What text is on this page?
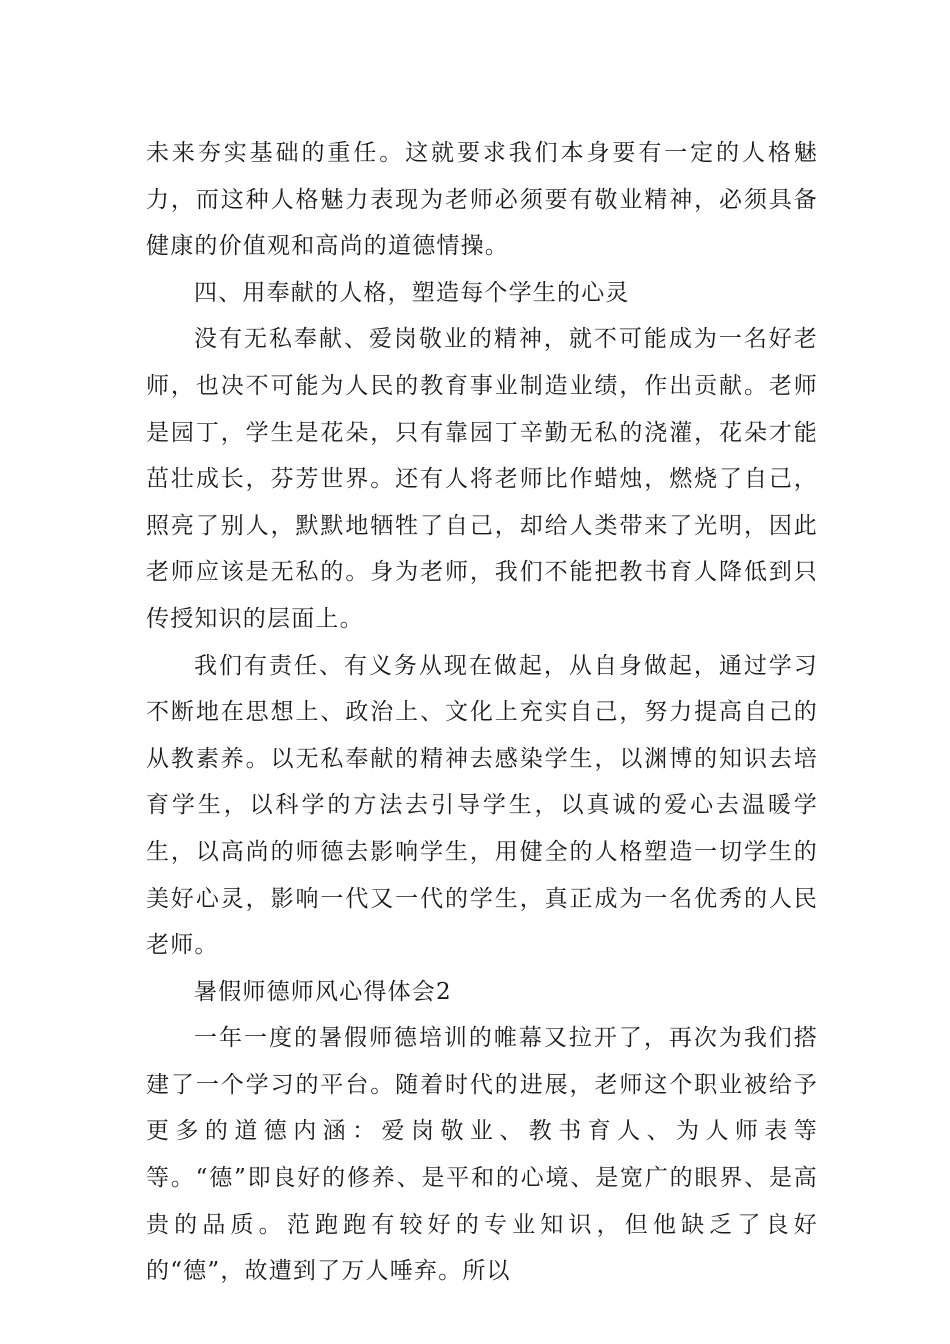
未来夯实基础的重任。这就要求我们本身要有一定的人格魅力，而这种人格魅力表现为老师必须要有敬业精神，必须具备健康的价值观和高尚的道德情操。

四、用奉献的人格，塑造每个学生的心灵

没有无私奉献、爱岗敬业的精神，就不可能成为一名好老师，也决不可能为人民的教育事业制造业绩，作出贡献。老师是园丁，学生是花朵，只有靠园丁辛勤无私的浇灌，花朵才能茁壮成长，芬芳世界。还有人将老师比作蜡烛，燃烧了自己，照亮了别人，默默地牺牲了自己，却给人类带来了光明，因此老师应该是无私的。身为老师，我们不能把教书育人降低到只传授知识的层面上。

我们有责任、有义务从现在做起，从自身做起，通过学习不断地在思想上、政治上、文化上充实自己，努力提高自己的从教素养。以无私奉献的精神去感染学生，以渊博的知识去培育学生，以科学的方法去引导学生，以真诚的爱心去温暖学生，以高尚的师德去影响学生，用健全的人格塑造一切学生的美好心灵，影响一代又一代的学生，真正成为一名优秀的人民老师。

暑假师德师风心得体会2

一年一度的暑假师德培训的帷幕又拉开了，再次为我们搭建了一个学习的平台。随着时代的进展，老师这个职业被给予更多的道德内涵：爱岗敬业、教书育人、为人师表等等。“德”即良好的修养、是平和的心境、是宽广的眼界、是高贵的品质。范跑跑有较好的专业知识，但他缺乏了良好的“德”，故遭到了万人唾弃。所以
